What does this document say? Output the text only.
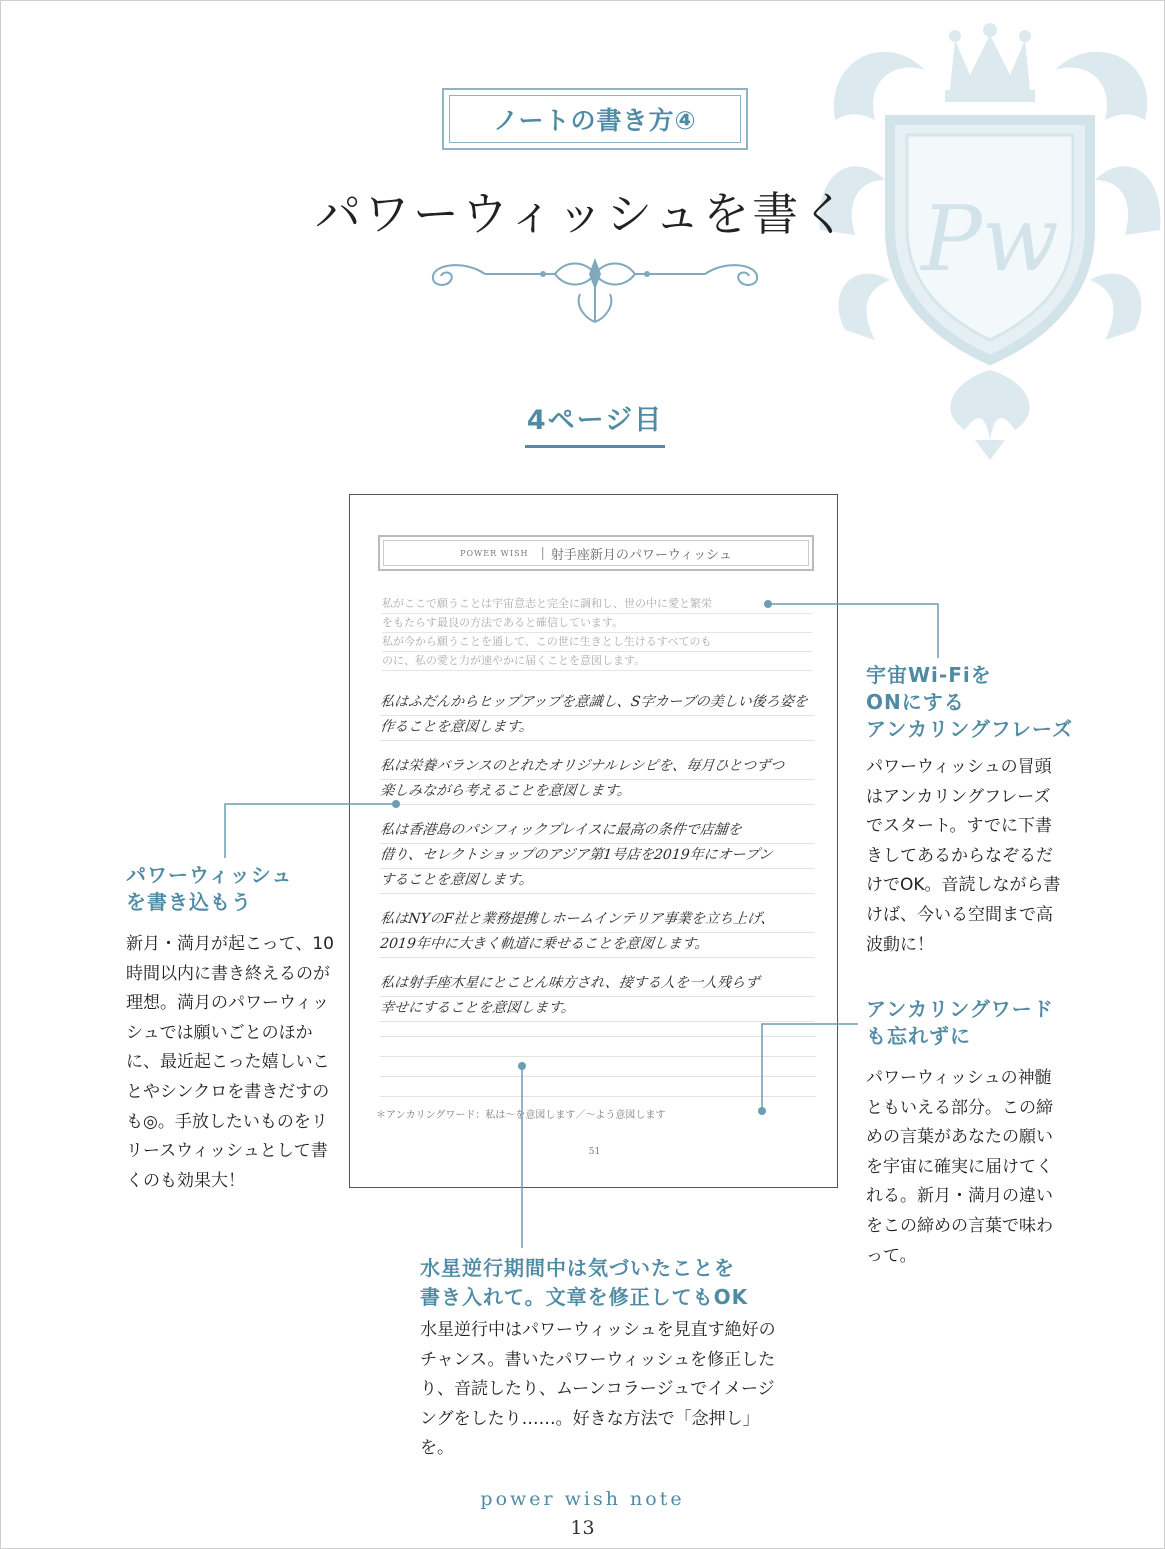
Pw
ノートの書き方④
パワーウィッシュを書く
4ページ目
POWER WISH | 射手座新月のパワーウィッシュ
私がここで願うことは宇宙意志と完全に調和し、世の中に愛と繁栄
をもたらす最良の方法であると確信しています。
私が今から願うことを通して、この世に生きとし生けるすべてのも
のに、私の愛と力が速やかに届くことを意図します。
私はふだんからヒップアップを意識し、S字カーブの美しい後ろ姿を
作ることを意図します。
私は栄養バランスのとれたオリジナルレシピを、毎月ひとつずつ
楽しみながら考えることを意図します。
私は香港島のパシフィックプレイスに最高の条件で店舗を
借り、セレクトショップのアジア第1号店を2019年にオープン
することを意図します。
私はNYのF社と業務提携しホームインテリア事業を立ち上げ、
2019年中に大きく軌道に乗せることを意図します。
私は射手座木星にとことん味方され、接する人を一人残らず
幸せにすることを意図します。
＊アンカリングワード：私は〜を意図します／〜よう意図します
51
パワーウィッシュ
を書き込もう

新月・満月が起こって、10時間以内に書き終えるのが理想。満月のパワーウィッシュでは願いごとのほかに、最近起こった嬉しいことやシンクロを書きだすのも◎。手放したいものをリリースウィッシュとして書くのも効果大！

宇宙Wi-Fiを
ONにする
アンカリングフレーズ

パワーウィッシュの冒頭はアンカリングフレーズでスタート。すでに下書きしてあるからなぞるだけでOK。音読しながら書けば、今いる空間まで高波動に！

アンカリングワード
も忘れずに

パワーウィッシュの神髄ともいえる部分。この締めの言葉があなたの願いを宇宙に確実に届けてくれる。新月・満月の違いをこの締めの言葉で味わって。

水星逆行期間中は気づいたことを
書き入れて。文章を修正してもOK

水星逆行中はパワーウィッシュを見直す絶好のチャンス。書いたパワーウィッシュを修正したり、音読したり、ムーンコラージュでイメージングをしたり……。好きな方法で「念押し」を。

power wish note
13
